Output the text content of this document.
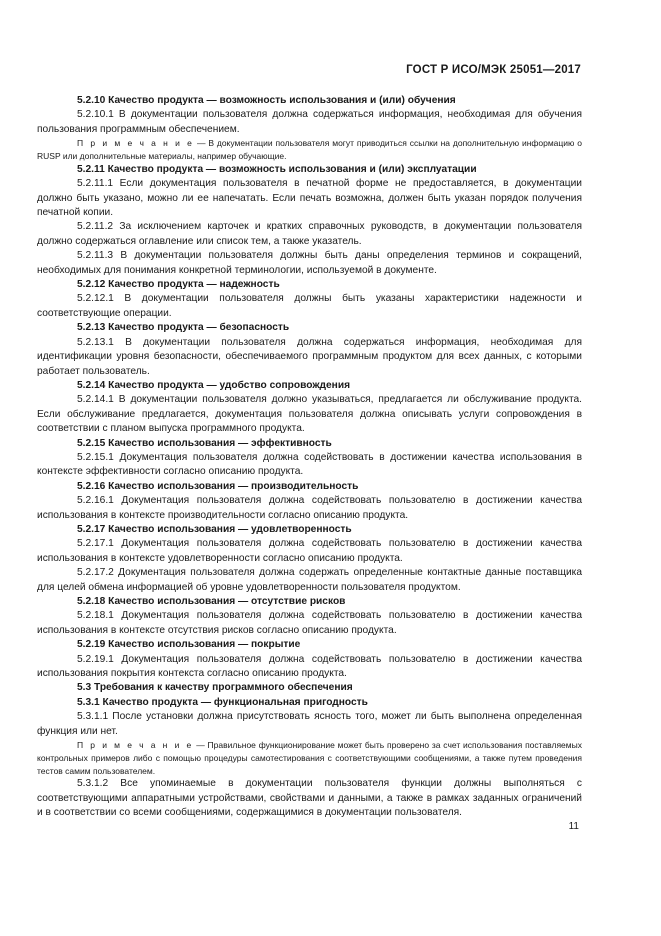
ГОСТ Р ИСО/МЭК 25051—2017

5.2.10 Качество продукта — возможность использования и (или) обучения

5.2.10.1 В документации пользователя должна содержаться информация, необходимая для обучения пользования программным обеспечением.

П р и м е ч а н и е — В документации пользователя могут приводиться ссылки на дополнительную информацию о RUSP или дополнительные материалы, например обучающие.

5.2.11 Качество продукта — возможность использования и (или) эксплуатации

5.2.11.1 Если документация пользователя в печатной форме не предоставляется, в документации должно быть указано, можно ли ее напечатать. Если печать возможна, должен быть указан порядок получения печатной копии.

5.2.11.2 За исключением карточек и кратких справочных руководств, в документации пользователя должно содержаться оглавление или список тем, а также указатель.

5.2.11.3 В документации пользователя должны быть даны определения терминов и сокращений, необходимых для понимания конкретной терминологии, используемой в документе.

5.2.12 Качество продукта — надежность

5.2.12.1 В документации пользователя должны быть указаны характеристики надежности и соответствующие операции.

5.2.13 Качество продукта — безопасность

5.2.13.1 В документации пользователя должна содержаться информация, необходимая для идентификации уровня безопасности, обеспечиваемого программным продуктом для всех данных, с которыми работает пользователь.

5.2.14 Качество продукта — удобство сопровождения

5.2.14.1 В документации пользователя должно указываться, предлагается ли обслуживание продукта. Если обслуживание предлагается, документация пользователя должна описывать услуги сопровождения в соответствии с планом выпуска программного продукта.

5.2.15 Качество использования — эффективность

5.2.15.1 Документация пользователя должна содействовать в достижении качества использования в контексте эффективности согласно описанию продукта.

5.2.16 Качество использования — производительность

5.2.16.1 Документация пользователя должна содействовать пользователю в достижении качества использования в контексте производительности согласно описанию продукта.

5.2.17 Качество использования — удовлетворенность

5.2.17.1 Документация пользователя должна содействовать пользователю в достижении качества использования в контексте удовлетворенности согласно описанию продукта.

5.2.17.2 Документация пользователя должна содержать определенные контактные данные поставщика для целей обмена информацией об уровне удовлетворенности пользователя продуктом.

5.2.18 Качество использования — отсутствие рисков

5.2.18.1 Документация пользователя должна содействовать пользователю в достижении качества использования в контексте отсутствия рисков согласно описанию продукта.

5.2.19 Качество использования — покрытие

5.2.19.1 Документация пользователя должна содействовать пользователю в достижении качества использования покрытия контекста согласно описанию продукта.

5.3 Требования к качеству программного обеспечения

5.3.1 Качество продукта — функциональная пригодность

5.3.1.1 После установки должна присутствовать ясность того, может ли быть выполнена определенная функция или нет.

П р и м е ч а н и е — Правильное функционирование может быть проверено за счет использования поставляемых контрольных примеров либо с помощью процедуры самотестирования с соответствующими сообщениями, а также путем проведения тестов самим пользователем.

5.3.1.2 Все упоминаемые в документации пользователя функции должны выполняться с соответствующими аппаратными устройствами, свойствами и данными, а также в рамках заданных ограничений и в соответствии со всеми сообщениями, содержащимися в документации пользователя.

11
